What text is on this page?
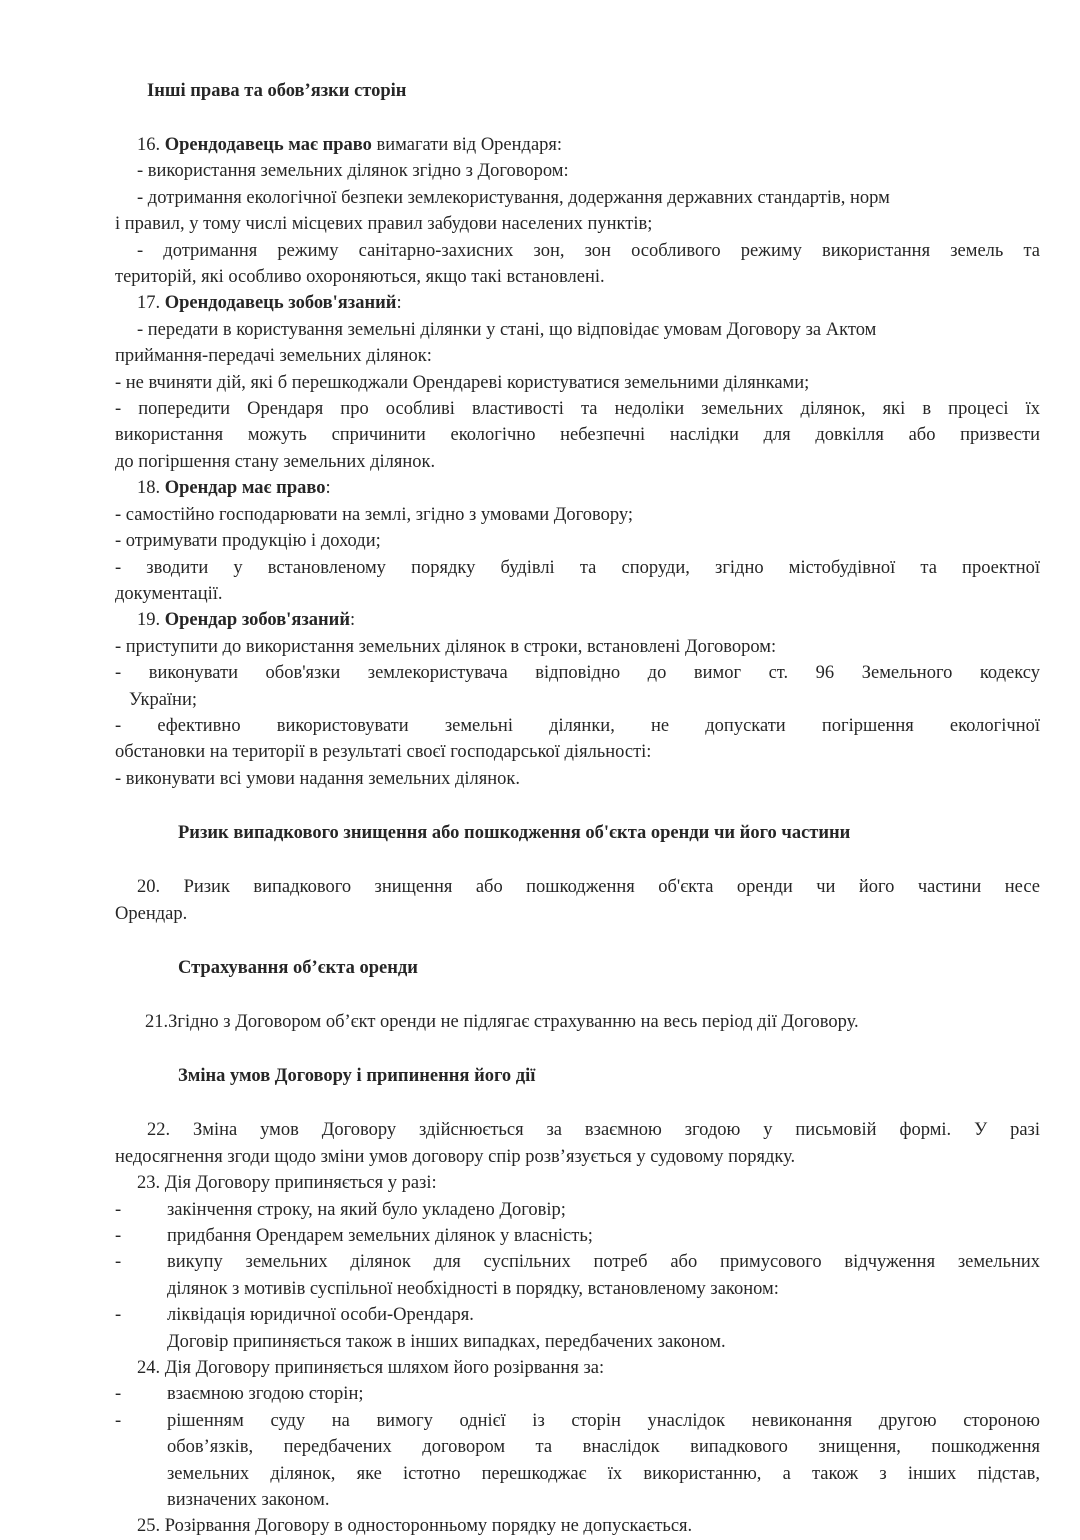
Інші права та обов’язки сторін
16. Орендодавець має право вимагати від Орендаря:
- використання земельних ділянок згідно з Договором:
- дотримання екологічної безпеки землекористування, додержання державних стандартів, норм
і правил, у тому числі місцевих правил забудови населених пунктів;
- дотримання режиму санітарно-захисних зон, зон особливого режиму використання земель та
територій, які особливо охороняються, якщо такі встановлені.
17. Орендодавець зобов'язаний:
- передати в користування земельні ділянки у стані, що відповідає умовам Договору за Актом
приймання-передачі земельних ділянок:
- не вчиняти дій, які б перешкоджали Орендареві користуватися земельними ділянками;
- попередити Орендаря про особливі властивості та недоліки земельних ділянок, які в процесі їх
використання можуть спричинити екологічно небезпечні наслідки для довкілля або призвести
до погіршення стану земельних ділянок.
18. Орендар має право:
- самостійно господарювати на землі, згідно з умовами Договору;
- отримувати продукцію і доходи;
- зводити у встановленому порядку будівлі та споруди, згідно містобудівної та проектної
документації.
19. Орендар зобов'язаний:
- приступити до використання земельних ділянок в строки, встановлені Договором:
- виконувати обов'язки землекористувача відповідно до вимог ст. 96 Земельного кодексу
України;
- ефективно використовувати земельні ділянки, не допускати погіршення екологічної
обстановки на території в результаті своєї господарської діяльності:
- виконувати всі умови надання земельних ділянок.
Ризик випадкового знищення або пошкодження об'єкта оренди чи його частини
20. Ризик випадкового знищення або пошкодження об'єкта оренди чи його частини несе
Орендар.
Страхування об’єкта оренди
21.Згідно з Договором об’єкт оренди не підлягає страхуванню на весь період дії Договору.
Зміна умов Договору і припинення його дії
22. Зміна умов Договору здійснюється за взаємною згодою у письмовій формі. У разі
недосягнення згоди щодо зміни умов договору спір розв’язується у судовому порядку.
23. Дія Договору припиняється у разі:
-	закінчення строку, на який було укладено Договір;
-	придбання Орендарем земельних ділянок у власність;
-	викупу земельних ділянок для суспільних потреб або примусового відчуження земельних
ділянок з мотивів суспільної необхідності в порядку, встановленому законом:
-	ліквідація юридичної особи-Орендаря.
Договір припиняється також в інших випадках, передбачених законом.
24. Дія Договору припиняється шляхом його розірвання за:
-	взаємною згодою сторін;
-	рішенням суду на вимогу однієї із сторін унаслідок невиконання другою стороною
обов’язків, передбачених договором та внаслідок випадкового знищення, пошкодження
земельних ділянок, яке істотно перешкоджає їх використанню, а також з інших підстав,
визначених законом.
25. Розірвання Договору в односторонньому порядку не допускається.
